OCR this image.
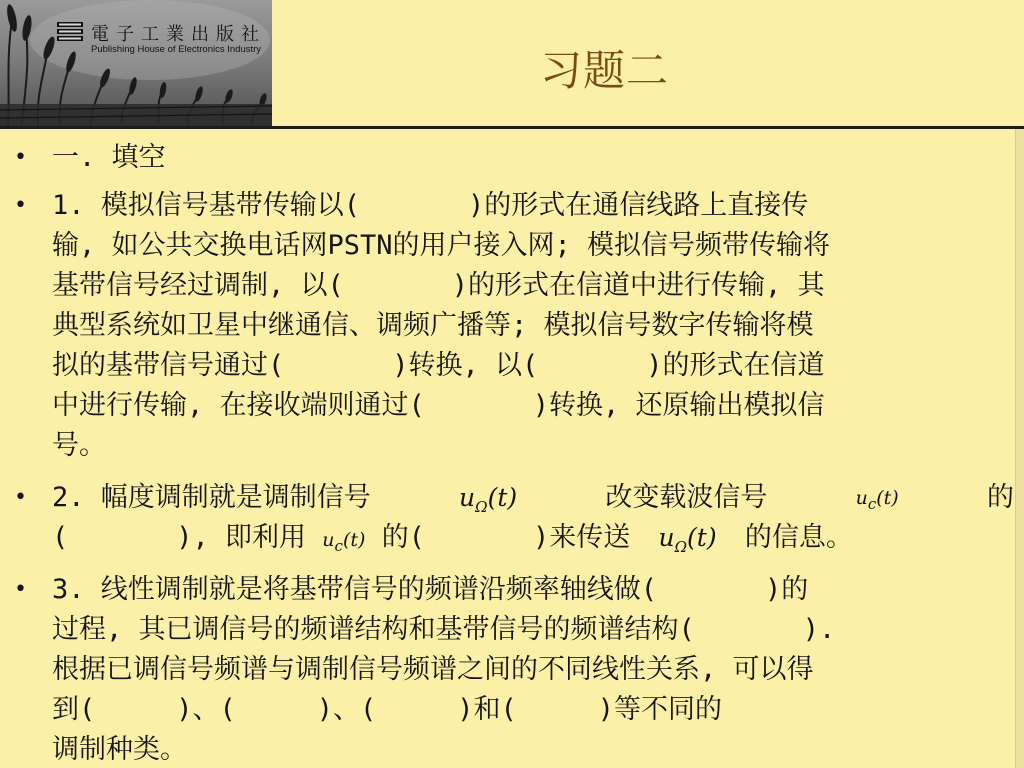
電子工業出版社
Publishing House of Electronics Industry	习题二
• 一. 填空
• 1. 模拟信号基带传输以(　　　　)的形式在通信线路上直接传
输, 如公共交换电话网PSTN的用户接入网; 模拟信号频带传输将
基带信号经过调制, 以(　　　　)的形式在信道中进行传输, 其
典型系统如卫星中继通信、调频广播等; 模拟信号数字传输将模
拟的基带信号通过(　　　　)转换, 以(　　　　)的形式在信道
中进行传输, 在接收端则通过(　　　　)转换, 还原输出模拟信
号。
• 2. 幅度调制就是调制信号	$u_\Omega(t)$	改变载波信号	$u_c(t)$	的
(　　　　), 即利用 $u_c(t)$ 的(　　　　)来传送 $u_\Omega(t)$ 的信息。
• 3. 线性调制就是将基带信号的频谱沿频率轴线做(　　　　)的
过程, 其已调信号的频谱结构和基带信号的频谱结构(　　　　).
根据已调信号频谱与调制信号频谱之间的不同线性关系, 可以得
到(　　　)、(　　　)、(　　　)和(　　　)等不同的
调制种类。
